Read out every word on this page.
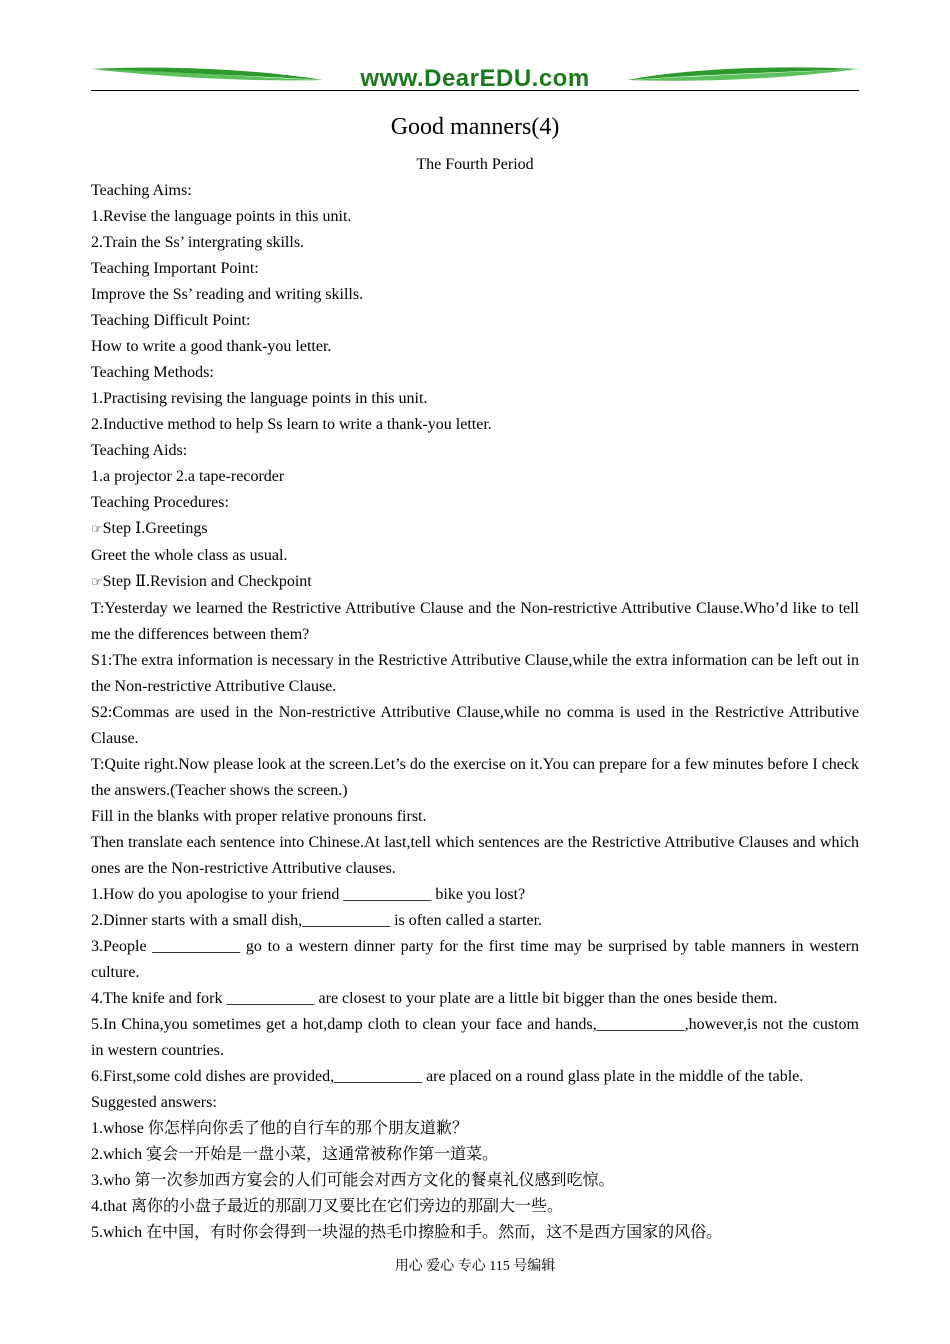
www.DearEDU.com
Good manners(4)
The Fourth Period

Teaching Aims:

1.Revise the language points in this unit.

2.Train the Ss’ intergrating skills.

Teaching Important Point:

Improve the Ss’ reading and writing skills.

Teaching Difficult Point:

How to write a good thank-you letter.

Teaching Methods:

1.Practising revising the language points in this unit.

2.Inductive method to help Ss learn to write a thank-you letter.

Teaching Aids:

1.a projector 2.a tape-recorder

Teaching Procedures:

☞Step Ⅰ.Greetings

Greet the whole class as usual.

☞Step Ⅱ.Revision and Checkpoint

T:Yesterday we learned the Restrictive Attributive Clause and the Non-restrictive Attributive Clause.Who’d like to tell me the differences between them?

S1:The extra information is necessary in the Restrictive Attributive Clause,while the extra information can be left out in the Non-restrictive Attributive Clause.

S2:Commas are used in the Non-restrictive Attributive Clause,while no comma is used in the Restrictive Attributive Clause.

T:Quite right.Now please look at the screen.Let’s do the exercise on it.You can prepare for a few minutes before I check the answers.(Teacher shows the screen.)

Fill in the blanks with proper relative pronouns first.

Then translate each sentence into Chinese.At last,tell which sentences are the Restrictive Attributive Clauses and which ones are the Non-restrictive Attributive clauses.

1.How do you apologise to your friend ___________ bike you lost?

2.Dinner starts with a small dish,___________ is often called a starter.

3.People ___________ go to a western dinner party for the first time may be surprised by table manners in western culture.

4.The knife and fork ___________ are closest to your plate are a little bit bigger than the ones beside them.

5.In China,you sometimes get a hot,damp cloth to clean your face and hands,___________,however,is not the custom in western countries.

6.First,some cold dishes are provided,___________ are placed on a round glass plate in the middle of the table.

Suggested answers:

1.whose 你怎样向你丢了他的自行车的那个朋友道歉？

2.which 宴会一开始是一盘小菜，这通常被称作第一道菜。

3.who 第一次参加西方宴会的人们可能会对西方文化的餐桌礼仪感到吃惊。

4.that 离你的小盘子最近的那副刀叉要比在它们旁边的那副大一些。

5.which 在中国，有时你会得到一块湿的热毛巾擦脸和手。然而，这不是西方国家的风俗。

用心 爱心 专心 115 号编辑
